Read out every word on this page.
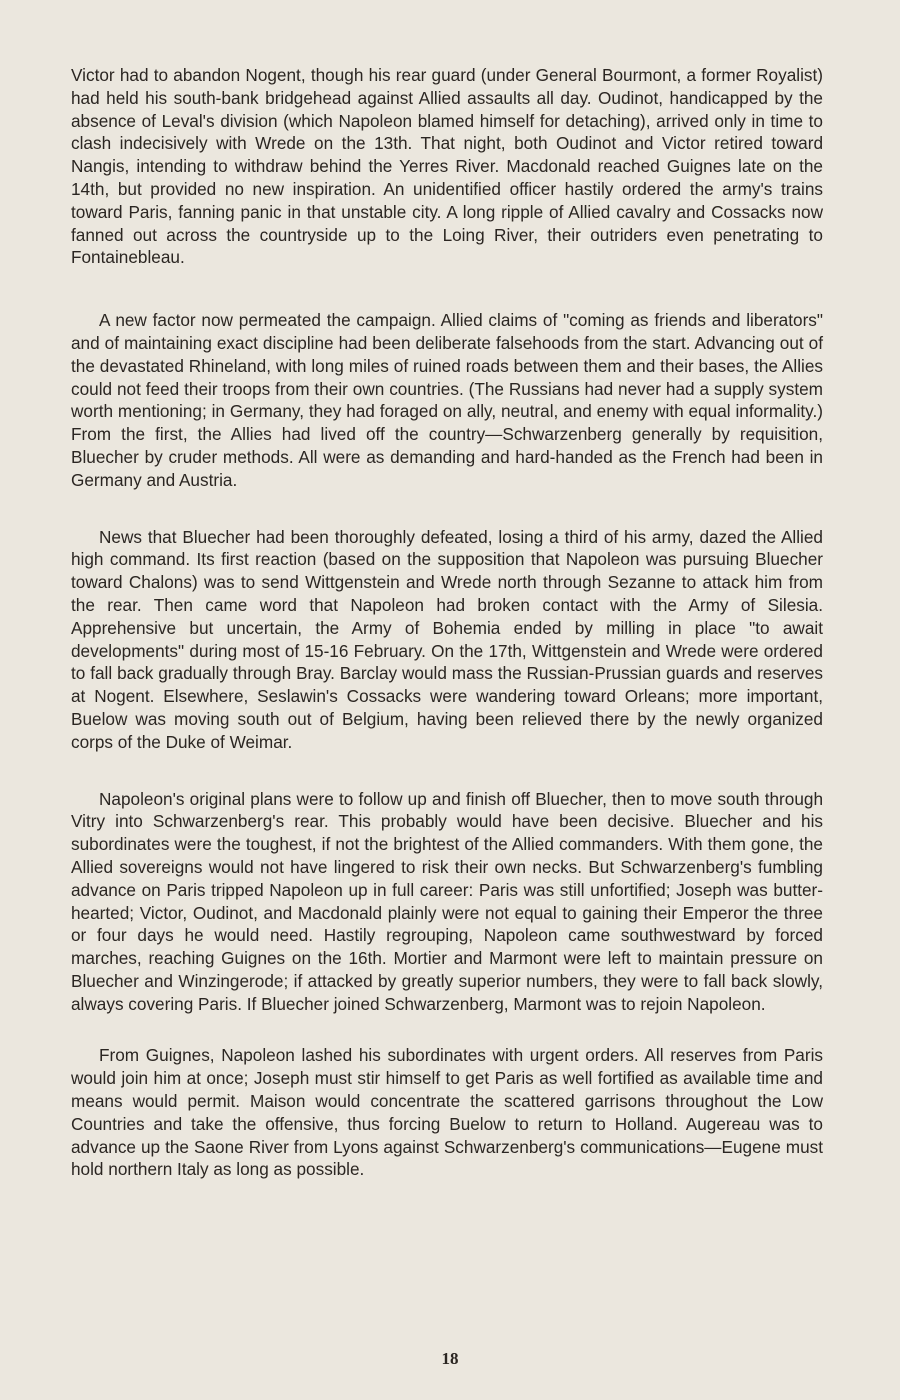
Victor had to abandon Nogent, though his rear guard (under General Bourmont, a former Royalist) had held his south-bank bridgehead against Allied assaults all day. Oudinot, handicapped by the absence of Leval's division (which Napoleon blamed himself for detaching), arrived only in time to clash indecisively with Wrede on the 13th. That night, both Oudinot and Victor retired toward Nangis, intending to withdraw behind the Yerres River. Macdonald reached Guignes late on the 14th, but provided no new inspiration. An unidentified officer hastily ordered the army's trains toward Paris, fanning panic in that unstable city. A long ripple of Allied cavalry and Cossacks now fanned out across the countryside up to the Loing River, their outriders even penetrating to Fontainebleau.

A new factor now permeated the campaign. Allied claims of "coming as friends and liberators" and of maintaining exact discipline had been deliberate falsehoods from the start. Advancing out of the devastated Rhineland, with long miles of ruined roads between them and their bases, the Allies could not feed their troops from their own countries. (The Russians had never had a supply system worth mentioning; in Germany, they had foraged on ally, neutral, and enemy with equal informality.) From the first, the Allies had lived off the country—Schwarzenberg generally by requisition, Bluecher by cruder methods. All were as demanding and hard-handed as the French had been in Germany and Austria.

News that Bluecher had been thoroughly defeated, losing a third of his army, dazed the Allied high command. Its first reaction (based on the supposition that Napoleon was pursuing Bluecher toward Chalons) was to send Wittgenstein and Wrede north through Sezanne to attack him from the rear. Then came word that Napoleon had broken contact with the Army of Silesia. Apprehensive but uncertain, the Army of Bohemia ended by milling in place "to await developments" during most of 15-16 February. On the 17th, Wittgenstein and Wrede were ordered to fall back gradually through Bray. Barclay would mass the Russian-Prussian guards and reserves at Nogent. Elsewhere, Seslawin's Cossacks were wandering toward Orleans; more important, Buelow was moving south out of Belgium, having been relieved there by the newly organized corps of the Duke of Weimar.

Napoleon's original plans were to follow up and finish off Bluecher, then to move south through Vitry into Schwarzenberg's rear. This probably would have been decisive. Bluecher and his subordinates were the toughest, if not the brightest of the Allied commanders. With them gone, the Allied sovereigns would not have lingered to risk their own necks. But Schwarzenberg's fumbling advance on Paris tripped Napoleon up in full career: Paris was still unfortified; Joseph was butter-hearted; Victor, Oudinot, and Macdonald plainly were not equal to gaining their Emperor the three or four days he would need. Hastily regrouping, Napoleon came southwestward by forced marches, reaching Guignes on the 16th. Mortier and Marmont were left to maintain pressure on Bluecher and Winzingerode; if attacked by greatly superior numbers, they were to fall back slowly, always covering Paris. If Bluecher joined Schwarzenberg, Marmont was to rejoin Napoleon.

From Guignes, Napoleon lashed his subordinates with urgent orders. All reserves from Paris would join him at once; Joseph must stir himself to get Paris as well fortified as available time and means would permit. Maison would concentrate the scattered garrisons throughout the Low Countries and take the offensive, thus forcing Buelow to return to Holland. Augereau was to advance up the Saone River from Lyons against Schwarzenberg's communications—Eugene must hold northern Italy as long as possible.

18
